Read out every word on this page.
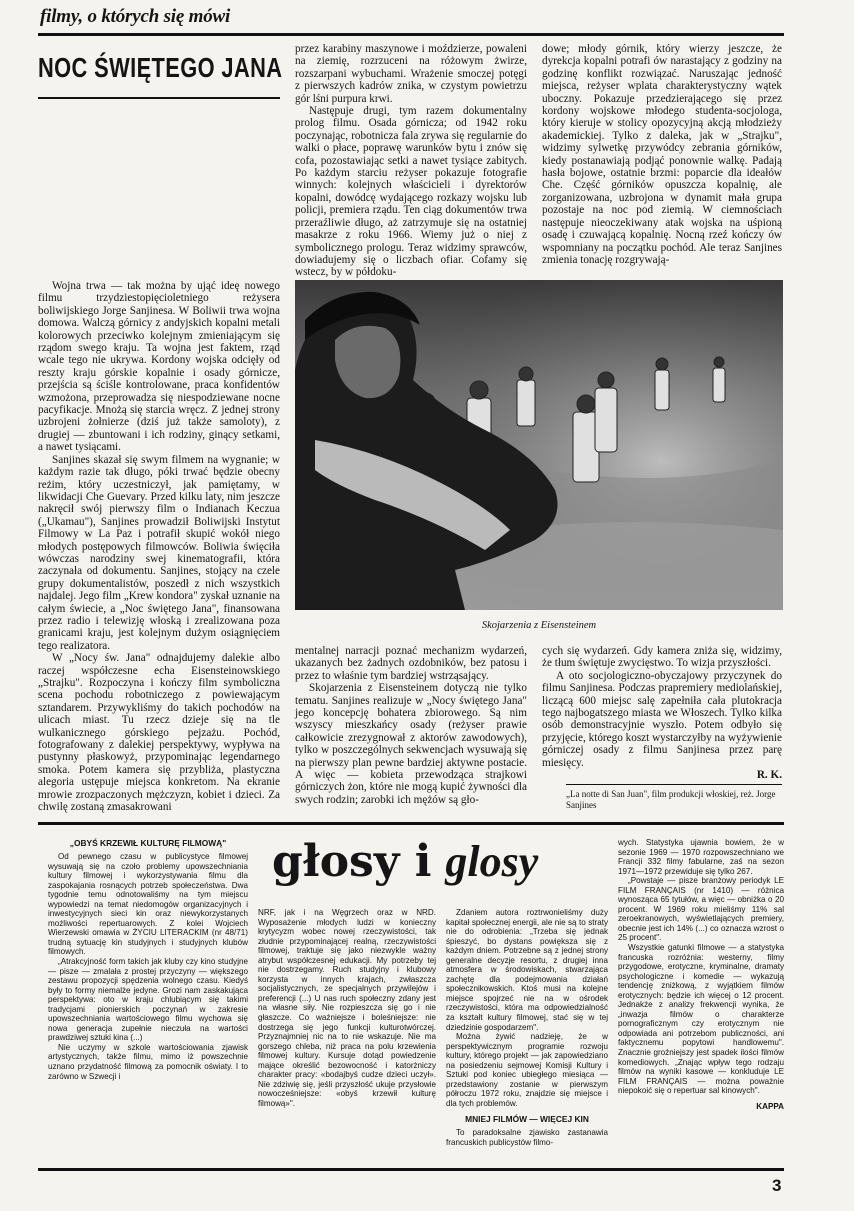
filmy, o których się mówi
NOC ŚWIĘTEGO JANA

Wojna trwa — tak można by ująć ideę nowego filmu trzydziestopięcioletniego reżysera boliwijskiego Jorge Sanjinesa. W Boliwii trwa wojna domowa. Walczą górnicy z andyjskich kopalni metali kolorowych przeciwko kolejnym zmieniającym się rządom swego kraju. Ta wojna jest faktem, rząd wcale tego nie ukrywa. Kordony wojska odcięły od reszty kraju górskie kopalnie i osady górnicze, przejścia są ściśle kontrolowane, praca konfidentów wzmożona, przeprowadza się niespodziewane nocne pacyfikacje. Mnożą się starcia wręcz. Z jednej strony uzbrojeni żołnierze (dziś już także samoloty), z drugiej — zbuntowani i ich rodziny, ginący setkami, a nawet tysiącami.

Sanjines skazał się swym filmem na wygnanie; w każdym razie tak długo, póki trwać będzie obecny reżim, który uczestniczył, jak pamiętamy, w likwidacji Che Guevary. Przed kilku laty, nim jeszcze nakręcił swój pierwszy film o Indianach Keczua („Ukamau"), Sanjines prowadził Boliwijski Instytut Filmowy w La Paz i potrafił skupić wokół niego młodych postępowych filmowców. Boliwia święciła wówczas narodziny swej kinematografii, która zaczynała od dokumentu. Sanjines, stojący na czele grupy dokumentalistów, poszedł z nich wszystkich najdalej. Jego film „Krew kondora" zyskał uznanie na całym świecie, a „Noc świętego Jana", finansowana przez radio i telewizję włoską i zrealizowana poza granicami kraju, jest kolejnym dużym osiągnięciem tego realizatora.

W „Nocy św. Jana" odnajdujemy dalekie albo raczej współczesne echa Eisensteinowskiego „Strajku". Rozpoczyna i kończy film symboliczna scena pochodu robotniczego z powiewającym sztandarem. Przywykliśmy do takich pochodów na ulicach miast. Tu rzecz dzieje się na tle wulkanicznego górskiego pejzażu. Pochód, fotografowany z dalekiej perspektywy, wypływa na pustynny płaskowyż, przypominając legendarnego smoka. Potem kamera się przybliża, plastyczna alegoria ustępuje miejsca konkretom. Na ekranie mrowie zrozpaczonych mężczyzn, kobiet i dzieci. Za chwilę zostaną zmasakrowani

przez karabiny maszynowe i moździerze, powaleni na ziemię, rozrzuceni na różowym żwirze, rozszarpani wybuchami. Wrażenie smoczej potęgi z pierwszych kadrów znika, w czystym powietrzu gór lśni purpura krwi.

Następuje drugi, tym razem dokumentalny prolog filmu. Osada górnicza; od 1942 roku poczynając, robotnicza fala zrywa się regularnie do walki o płace, poprawę warunków bytu i znów się cofa, pozostawiając setki a nawet tysiące zabitych. Po każdym starciu reżyser pokazuje fotografie winnych: kolejnych właścicieli i dyrektorów kopalni, dowódcę wydającego rozkazy wojsku lub policji, premiera rządu. Ten ciąg dokumentów trwa przeraźliwie długo, aż zatrzymuje się na ostatniej masakrze z roku 1966. Wiemy już o niej z symbolicznego prologu. Teraz widzimy sprawców, dowiadujemy się o liczbach ofiar. Cofamy się wstecz, by w półdoku-

dowe; młody górnik, który wierzy jeszcze, że dyrekcja kopalni potrafi ów narastający z godziny na godzinę konflikt rozwiązać. Naruszając jedność miejsca, reżyser wplata charakterystyczny wątek uboczny. Pokazuje przedzierającego się przez kordony wojskowe młodego studenta-socjologa, który kieruje w stolicy opozycyjną akcją młodzieży akademickiej. Tylko z daleka, jak w „Strajku", widzimy sylwetkę przywódcy zebrania górników, kiedy postanawiają podjąć ponownie walkę. Padają hasła bojowe, ostatnie brzmi: poparcie dla ideałów Che. Część górników opuszcza kopalnię, ale zorganizowana, uzbrojona w dynamit mała grupa pozostaje na noc pod ziemią. W ciemnościach następuje nieoczekiwany atak wojska na uśpioną osadę i czuwającą kopalnię. Nocną rzeź kończy ów wspomniany na początku pochód. Ale teraz Sanjines zmienia tonację rozgrywają-

Skojarzenia z Eisensteinem

mentalnej narracji poznać mechanizm wydarzeń, ukazanych bez żadnych ozdobników, bez patosu i przez to właśnie tym bardziej wstrząsający.

Skojarzenia z Eisensteinem dotyczą nie tylko tematu. Sanjines realizuje w „Nocy świętego Jana" jego koncepcję bohatera zbiorowego. Są nim wszyscy mieszkańcy osady (reżyser prawie całkowicie zrezygnował z aktorów zawodowych), tylko w poszczególnych sekwencjach wysuwają się na pierwszy plan pewne bardziej aktywne postacie. A więc — kobieta przewodząca strajkowi górniczych żon, które nie mogą kupić żywności dla swych rodzin; zarobki ich mężów są gło-

cych się wydarzeń. Gdy kamera zniża się, widzimy, że tłum świętuje zwycięstwo. To wizja przyszłości.

A oto socjologiczno-obyczajowy przyczynek do filmu Sanjinesa. Podczas prapremiery mediolańskiej, liczącą 600 miejsc salę zapełniła cała plutokracja tego najbogatszego miasta we Włoszech. Tylko kilka osób demonstracyjnie wyszło. Potem odbyło się przyjęcie, którego koszt wystarczyłby na wyżywienie górniczej osady z filmu Sanjinesa przez parę miesięcy.

R. K.

„La notte di San Juan", film produkcji włoskiej, reż. Jorge Sanjines
głosy i glosy
„OBYŚ KRZEWIŁ KULTURĘ FILMOWĄ"

Od pewnego czasu w publicystyce filmowej wysuwają się na czoło problemy upowszechniania kultury filmowej i wykorzystywania filmu dla zaspokajania rosnących potrzeb społeczeństwa. Dwa tygodnie temu odnotowaliśmy na tym miejscu wypowiedzi na temat niedomogów organizacyjnych i inwestycyjnych sieci kin oraz niewykorzystanych możliwości repertuarowych. Z kolei Wojciech Wierzewski omawia w ŻYCIU LITERACKIM (nr 48/71) trudną sytuację kin studyjnych i studyjnych klubów filmowych.

„Atrakcyjność form takich jak kluby czy kino studyjne — pisze — zmalała z prostej przyczyny — większego zestawu propozycji spędzenia wolnego czasu. Kiedyś były to formy niemalże jedyne. Grozi nam zaskakująca perspektywa: oto w kraju chlubiącym się takimi tradycjami pionierskich poczynań w zakresie upowszechniania wartościowego filmu wychowa się nowa generacja zupełnie nieczuła na wartości prawdziwej sztuki kina (...)

Nie uczymy w szkole wartościowania zjawisk artystycznych, także filmu, mimo iż powszechnie uznano przydatność filmową za pomocnik oświaty. I to zarówno w Szwecji i

NRF, jak i na Węgrzech oraz w NRD. Wyposażenie młodych ludzi w konieczny krytycyzm wobec nowej rzeczywistości, tak złudnie przypominającej realną, rzeczywistości filmowej, traktuje się jako niezwykle ważny atrybut współczesnej edukacji. My potrzeby tej nie dostrzegamy. Ruch studyjny i klubowy korzysta w innych krajach, zwłaszcza socjalistycznych, ze specjalnych przywilejów i preferencji (...) U nas ruch społeczny zdany jest na własne siły. Nie rozpieszcza się go i nie głaszcze. Co ważniejsze i boleśniejsze: nie dostrzega się jego funkcji kulturotwórczej. Przyznajmniej nic na to nie wskazuje. Nie ma gorszego chleba, niż praca na polu krzewienia filmowej kultury. Kursuje dotąd powiedzenie mające określić bezowocność i katorżniczy charakter pracy: «bodajbyś cudze dzieci uczył». Nie zdziwię się, jeśli przyszłość ukuje przysłowie nowocześniejsze: «obyś krzewił kulturę filmową»".

Zdaniem autora roztrwonieliśmy duży kapitał społecznej energii, ale nie są to straty nie do odrobienia: „Trzeba się jednak śpieszyć, bo dystans powiększa się z każdym dniem. Potrzebne są z jednej strony generalne decyzje resortu, z drugiej inna atmosfera w środowiskach, stwarzająca zachętę dla podejmowania działań społecznikowskich. Ktoś musi na kolejne miejsce spojrzeć nie na w ośrodek rzeczywistości, która ma odpowiedzialność za kształt kultury filmowej, stać się w tej dziedzinie gospodarzem".

Można żywić nadzieję, że w perspektywicznym programie rozwoju kultury, którego projekt — jak zapowiedziano na posiedzeniu sejmowej Komisji Kultury i Sztuki pod koniec ubiegłego miesiąca — przedstawiony zostanie w pierwszym półroczu 1972 roku, znajdzie się miejsce i dla tych problemów.

MNIEJ FILMÓW — WIĘCEJ KIN

To paradoksalne zjawisko zastanawia francuskich publicystów filmo-

wych. Statystyka ujawnia bowiem, że w sezonie 1969 — 1970 rozpowszechniano we Francji 332 filmy fabularne, zaś na sezon 1971—1972 przewiduje się tylko 267.

„Powstaje — pisze branżowy periodyk LE FILM FRANÇAIS (nr 1410) — różnica wynosząca 65 tytułów, a więc — obniżka o 20 procent. W 1969 roku mieliśmy 11% sal zeroekranowych, wyświetlających premiery, obecnie jest ich 14% (...) co oznacza wzrost o 25 procent".

Wszystkie gatunki filmowe — a statystyka francuska rozróżnia: westerny, filmy przygodowe, erotyczne, kryminalne, dramaty psychologiczne i komedie — wykazują tendencję zniżkową, z wyjątkiem filmów erotycznych: będzie ich więcej o 12 procent. Jednakże z analizy frekwencji wynika, że „inwazja filmów o charakterze pornograficznym czy erotycznym nie odpowiada ani potrzebom publiczności, ani faktycznemu popytowi handlowemu". Znacznie groźniejszy jest spadek ilości filmów komediowych. „Znając wpływ tego rodzaju filmów na wyniki kasowe — konkluduje LE FILM FRANÇAIS — można poważnie niepokoić się o repertuar sal kinowych".

KAPPA

3
